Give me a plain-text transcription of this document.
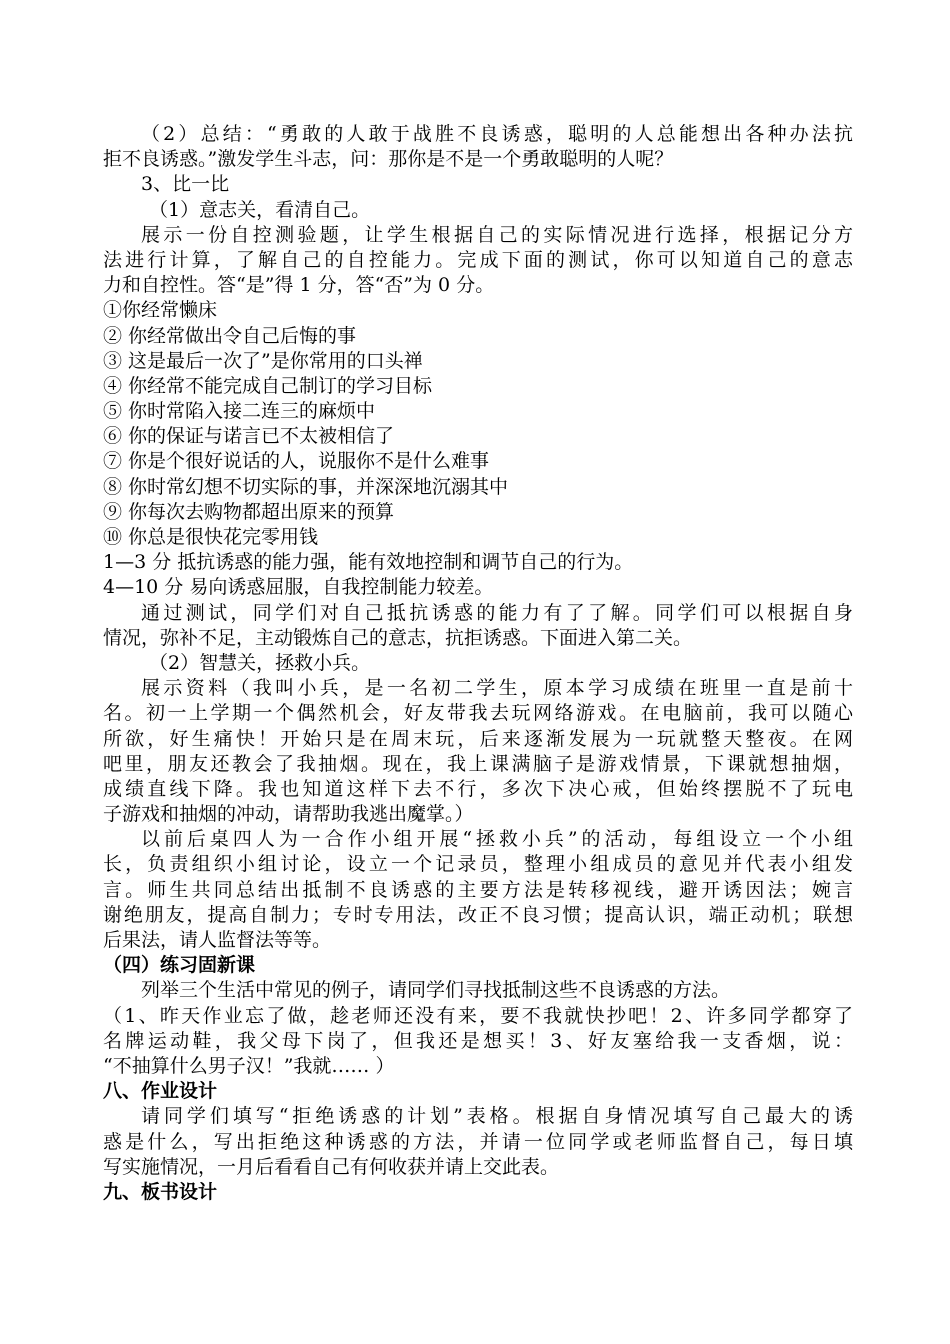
（2）总结：“勇敢的人敢于战胜不良诱惑，聪明的人总能想出各种办法抗
拒不良诱惑。”激发学生斗志，问：那你是不是一个勇敢聪明的人呢？
3、比一比
（1）意志关，看清自己。
展示一份自控测验题，让学生根据自己的实际情况进行选择，根据记分方
法进行计算，了解自己的自控能力。完成下面的测试，你可以知道自己的意志
力和自控性。答“是”得 1 分，答“否”为 0 分。
①你经常懒床
② 你经常做出令自己后悔的事
③ 这是最后一次了”是你常用的口头禅
④ 你经常不能完成自己制订的学习目标
⑤ 你时常陷入接二连三的麻烦中
⑥ 你的保证与诺言已不太被相信了
⑦ 你是个很好说话的人，说服你不是什么难事
⑧ 你时常幻想不切实际的事，并深深地沉溺其中
⑨ 你每次去购物都超出原来的预算
⑩ 你总是很快花完零用钱
1—3 分 抵抗诱惑的能力强，能有效地控制和调节自己的行为。
4—10 分 易向诱惑屈服，自我控制能力较差。
通过测试，同学们对自己抵抗诱惑的能力有了了解。同学们可以根据自身
情况，弥补不足，主动锻炼自己的意志，抗拒诱惑。下面进入第二关。
（2）智慧关，拯救小兵。
展示资料（我叫小兵，是一名初二学生，原本学习成绩在班里一直是前十
名。初一上学期一个偶然机会，好友带我去玩网络游戏。在电脑前，我可以随心
所欲，好生痛快！开始只是在周末玩，后来逐渐发展为一玩就整天整夜。在网
吧里，朋友还教会了我抽烟。现在，我上课满脑子是游戏情景，下课就想抽烟，
成绩直线下降。我也知道这样下去不行，多次下决心戒，但始终摆脱不了玩电
子游戏和抽烟的冲动，请帮助我逃出魔掌。）
以前后桌四人为一合作小组开展“拯救小兵”的活动，每组设立一个小组
长，负责组织小组讨论，设立一个记录员，整理小组成员的意见并代表小组发
言。师生共同总结出抵制不良诱惑的主要方法是转移视线，避开诱因法；婉言
谢绝朋友，提高自制力；专时专用法，改正不良习惯；提高认识，端正动机；联想
后果法，请人监督法等等。
（四）练习固新课
列举三个生活中常见的例子，请同学们寻找抵制这些不良诱惑的方法。
（1、昨天作业忘了做，趁老师还没有来，要不我就快抄吧！2、许多同学都穿了
名牌运动鞋，我父母下岗了，但我还是想买！3、好友塞给我一支香烟，说：
“不抽算什么男子汉！”我就…… ）
八、作业设计
请同学们填写“拒绝诱惑的计划”表格。根据自身情况填写自己最大的诱
惑是什么，写出拒绝这种诱惑的方法，并请一位同学或老师监督自己，每日填
写实施情况，一月后看看自己有何收获并请上交此表。
九、板书设计
